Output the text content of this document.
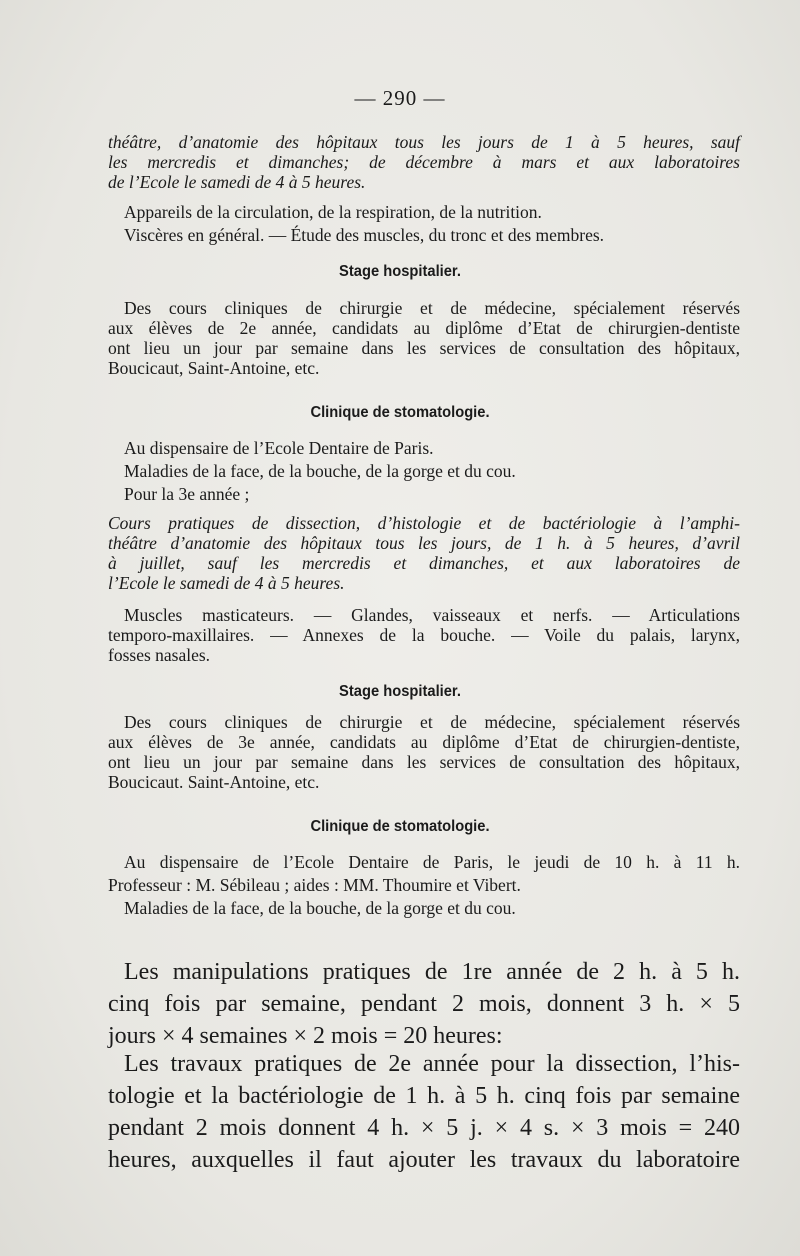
— 290 —
théâtre, d’anatomie des hôpitaux tous les jours de 1 à 5 heures, sauf
les mercredis et dimanches; de décembre à mars et aux laboratoires
de l’Ecole le samedi de 4 à 5 heures.
Appareils de la circulation, de la respiration, de la nutrition.
Viscères en général. — Étude des muscles, du tronc et des membres.
Stage hospitalier.
Des cours cliniques de chirurgie et de médecine, spécialement réservés
aux élèves de 2e année, candidats au diplôme d’Etat de chirurgien-dentiste
ont lieu un jour par semaine dans les services de consultation des hôpitaux,
Boucicaut, Saint-Antoine, etc.
Clinique de stomatologie.
Au dispensaire de l’Ecole Dentaire de Paris.
Maladies de la face, de la bouche, de la gorge et du cou.
Pour la 3e année ;
Cours pratiques de dissection, d’histologie et de bactériologie à l’amphi-
théâtre d’anatomie des hôpitaux tous les jours, de 1 h. à 5 heures, d’avril
à juillet, sauf les mercredis et dimanches, et aux laboratoires de
l’Ecole le samedi de 4 à 5 heures.
Muscles masticateurs. — Glandes, vaisseaux et nerfs. — Articulations
temporo-maxillaires. — Annexes de la bouche. — Voile du palais, larynx,
fosses nasales.
Stage hospitalier.
Des cours cliniques de chirurgie et de médecine, spécialement réservés
aux élèves de 3e année, candidats au diplôme d’Etat de chirurgien-dentiste,
ont lieu un jour par semaine dans les services de consultation des hôpitaux,
Boucicaut. Saint-Antoine, etc.
Clinique de stomatologie.
Au dispensaire de l’Ecole Dentaire de Paris, le jeudi de 10 h. à 11 h.
Professeur : M. Sébileau ; aides : MM. Thoumire et Vibert.
Maladies de la face, de la bouche, de la gorge et du cou.
Les manipulations pratiques de 1re année de 2 h. à 5 h.
cinq fois par semaine, pendant 2 mois, donnent 3 h. × 5
jours × 4 semaines × 2 mois = 20 heures:
Les travaux pratiques de 2e année pour la dissection, l’his-
tologie et la bactériologie de 1 h. à 5 h. cinq fois par semaine
pendant 2 mois donnent 4 h. × 5 j. × 4 s. × 3 mois = 240
heures, auxquelles il faut ajouter les travaux du laboratoire
